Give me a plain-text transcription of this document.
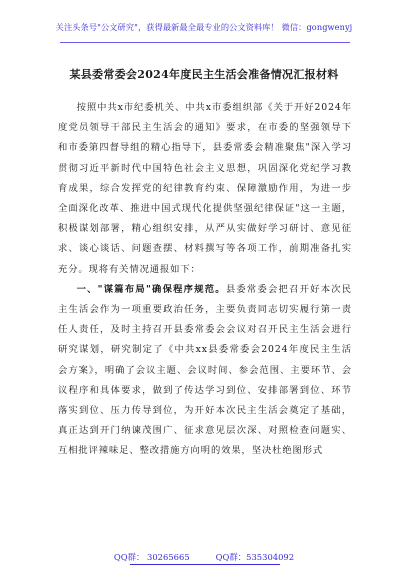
关注头条号"公文研究"，获得最新最全最专业的公文资料库！ 微信：gongwenyj
某县委常委会2024年度民主生活会准备情况汇报材料

按照中共x市纪委机关、中共x市委组织部《关于开好2024年度党员领导干部民主生活会的通知》要求，在市委的坚强领导下和市委第四督导组的精心指导下，县委常委会精准聚焦"深入学习贯彻习近平新时代中国特色社会主义思想，巩固深化党纪学习教育成果，综合发挥党的纪律教育约束、保障激励作用，为进一步全面深化改革、推进中国式现代化提供坚强纪律保证"这一主题，积极谋划部署，精心组织安排，从严从实做好学习研讨、意见征求、谈心谈话、问题查摆、材料撰写等各项工作，前期准备扎实充分。现将有关情况通报如下：

一、"谋篇布局"确保程序规范。县委常委会把召开好本次民主生活会作为一项重要政治任务，主要负责同志切实履行第一责任人责任，及时主持召开县委常委会会议对召开民主生活会进行研究谋划，研究制定了《中共xx县委常委会2024年度民主生活会方案》，明确了会议主题、会议时间、参会范围、主要环节、会议程序和具体要求，做到了传达学习到位、安排部署到位、环节落实到位、压力传导到位，为开好本次民主生活会奠定了基础，真正达到开门纳谏茂围广、征求意见层次深、对照检查问题实、互相批评辣味足、整改措施方向明的效果，坚决杜绝图形式

QQ群： 30265665	QQ群：535304092
